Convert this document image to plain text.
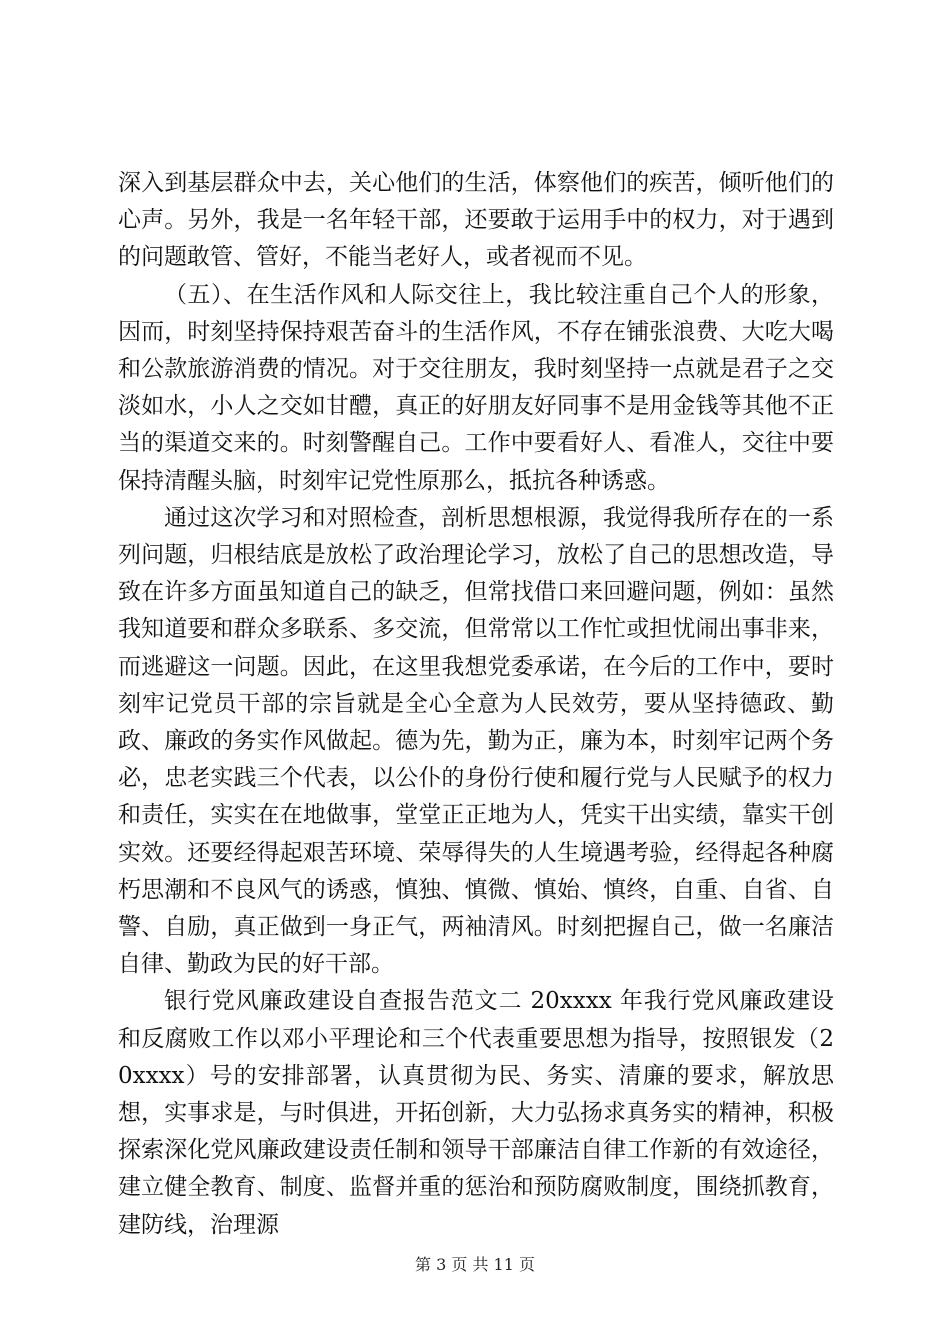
深入到基层群众中去，关心他们的生活，体察他们的疾苦，倾听他们的心声。另外，我是一名年轻干部，还要敢于运用手中的权力，对于遇到的问题敢管、管好，不能当老好人，或者视而不见。

（五）、在生活作风和人际交往上，我比较注重自己个人的形象，因而，时刻坚持保持艰苦奋斗的生活作风，不存在铺张浪费、大吃大喝和公款旅游消费的情况。对于交往朋友，我时刻坚持一点就是君子之交淡如水，小人之交如甘醴，真正的好朋友好同事不是用金钱等其他不正当的渠道交来的。时刻警醒自己。工作中要看好人、看准人，交往中要保持清醒头脑，时刻牢记党性原那么，抵抗各种诱惑。

通过这次学习和对照检查，剖析思想根源，我觉得我所存在的一系列问题，归根结底是放松了政治理论学习，放松了自己的思想改造，导致在许多方面虽知道自己的缺乏，但常找借口来回避问题，例如：虽然我知道要和群众多联系、多交流，但常常以工作忙或担忧闹出事非来，而逃避这一问题。因此，在这里我想党委承诺，在今后的工作中，要时刻牢记党员干部的宗旨就是全心全意为人民效劳，要从坚持德政、勤政、廉政的务实作风做起。德为先，勤为正，廉为本，时刻牢记两个务必，忠老实践三个代表，以公仆的身份行使和履行党与人民赋予的权力和责任，实实在在地做事，堂堂正正地为人，凭实干出实绩，靠实干创实效。还要经得起艰苦环境、荣辱得失的人生境遇考验，经得起各种腐朽思潮和不良风气的诱惑，慎独、慎微、慎始、慎终，自重、自省、自警、自励，真正做到一身正气，两袖清风。时刻把握自己，做一名廉洁自律、勤政为民的好干部。

银行党风廉政建设自查报告范文二 20xxxx 年我行党风廉政建设和反腐败工作以邓小平理论和三个代表重要思想为指导，按照银发（20xxxx）号的安排部署，认真贯彻为民、务实、清廉的要求，解放思想，实事求是，与时俱进，开拓创新，大力弘扬求真务实的精神，积极探索深化党风廉政建设责任制和领导干部廉洁自律工作新的有效途径，建立健全教育、制度、监督并重的惩治和预防腐败制度，围绕抓教育，建防线，治理源

第 3 页 共 11 页
